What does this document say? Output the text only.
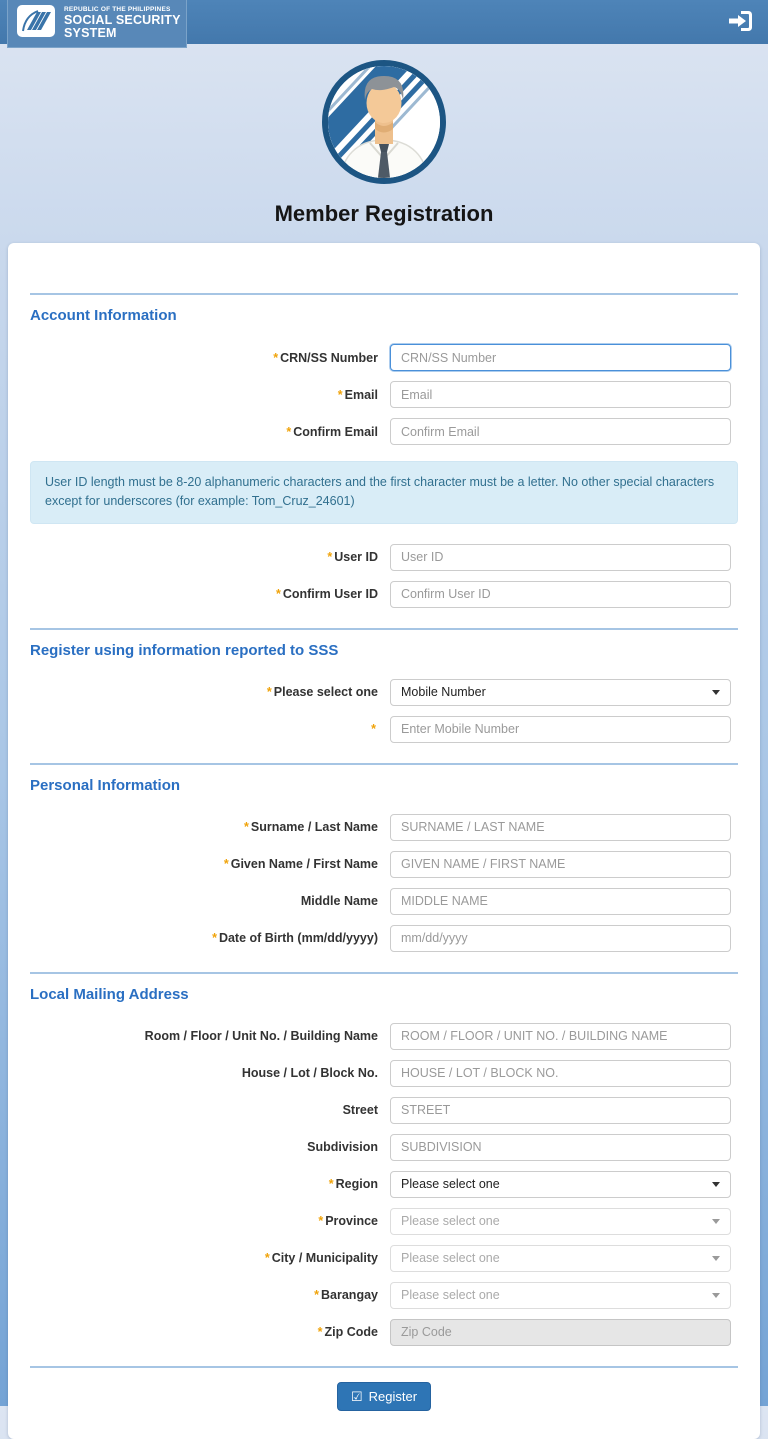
REPUBLIC OF THE PHILIPPINES
SOCIAL SECURITY
SYSTEM
Member Registration
Account Information
* CRN/SS Number
CRN/SS Number
* Email
Email
* Confirm Email
Confirm Email
User ID length must be 8-20 alphanumeric characters and the first character must be a letter. No other special characters except for underscores (for example: Tom_Cruz_24601)
* User ID
User ID
* Confirm User ID
Confirm User ID
Register using information reported to SSS
* Please select one Mobile Number
*
Enter Mobile Number
Personal Information
* Surname / Last Name
SURNAME / LAST NAME
* Given Name / First Name
GIVEN NAME / FIRST NAME
Middle Name
MIDDLE NAME
* Date of Birth (mm/dd/yyyy)
mm/dd/yyyy
Local Mailing Address
Room / Floor / Unit No. / Building Name
ROOM / FLOOR / UNIT NO. / BUILDING NAME
House / Lot / Block No.
HOUSE / LOT / BLOCK NO.
Street
STREET
Subdivision
SUBDIVISION
* Region Please select one
* Province Please select one
* City / Municipality Please select one
* Barangay Please select one
* Zip Code
Zip Code
☑ Register
